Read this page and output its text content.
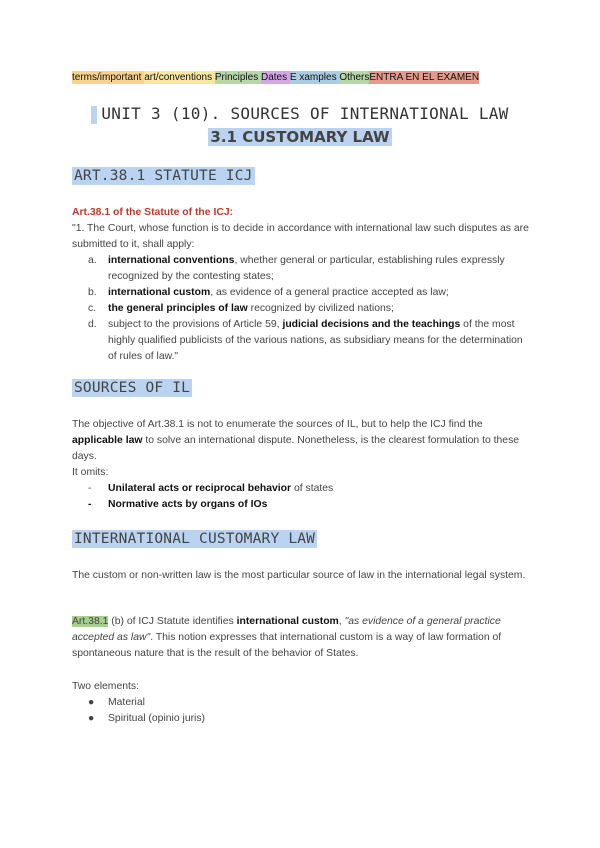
terms/important art/conventions Principles Dates E xamples OthersENTRA EN EL EXAMEN
UNIT 3 (10). SOURCES OF INTERNATIONAL LAW
3.1 CUSTOMARY LAW
ART.38.1 STATUTE ICJ
Art.38.1 of the Statute of the ICJ:
"1. The Court, whose function is to decide in accordance with international law such disputes as are submitted to it, shall apply:
a. international conventions, whether general or particular, establishing rules expressly recognized by the contesting states;
b. international custom, as evidence of a general practice accepted as law;
c. the general principles of law recognized by civilized nations;
d. subject to the provisions of Article 59, judicial decisions and the teachings of the most highly qualified publicists of the various nations, as subsidiary means for the determination of rules of law."
SOURCES OF IL
The objective of Art.38.1 is not to enumerate the sources of IL, but to help the ICJ find the applicable law to solve an international dispute. Nonetheless, is the clearest formulation to these days.
It omits:
- Unilateral acts or reciprocal behavior of states
- Normative acts by organs of IOs
INTERNATIONAL CUSTOMARY LAW
The custom or non-written law is the most particular source of law in the international legal system.
Art.38.1 (b) of ICJ Statute identifies international custom, "as evidence of a general practice accepted as law". This notion expresses that international custom is a way of law formation of spontaneous nature that is the result of the behavior of States.
Two elements:
● Material
● Spiritual (opinio juris)
